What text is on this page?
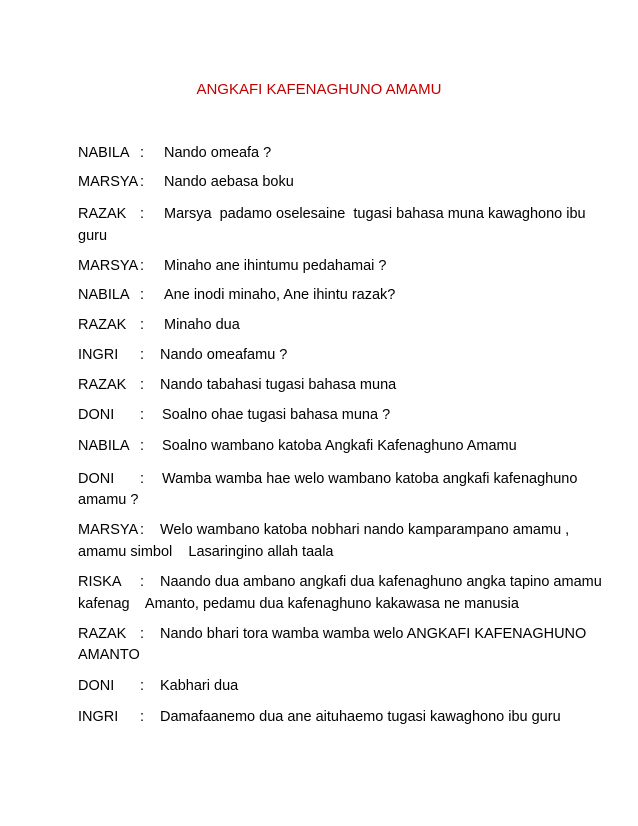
ANGKAFI KAFENAGHUNO AMAMU
NABILA : Nando omeafa ?
MARSYA : Nando aebasa boku
RAZAK : Marsya  padamo oselesaine  tugasi bahasa muna kawaghono ibu
guru
MARSYA : Minaho ane ihintumu pedahamai ?
NABILA : Ane inodi minaho, Ane ihintu razak?
RAZAK : Minaho dua
INGRI : Nando omeafamu ?
RAZAK : Nando tabahasi tugasi bahasa muna
DONI : Soalno ohae tugasi bahasa muna ?
NABILA : Soalno wambano katoba Angkafi Kafenaghuno Amamu
DONI : Wamba wamba hae welo wambano katoba angkafi kafenaghuno
amamu ?
MARSYA : Welo wambano katoba nobhari nando kamparampano amamu ,
amamu simbol    Lasaringino allah taala
RISKA : Naando dua ambano angkafi dua kafenaghuno angka tapino amamu
kafenag    Amanto, pedamu dua kafenaghuno kakawasa ne manusia
RAZAK : Nando bhari tora wamba wamba welo ANGKAFI KAFENAGHUNO
AMANTO
DONI : Kabhari dua
INGRI : Damafaanemo dua ane aituhaemo tugasi kawaghono ibu guru
